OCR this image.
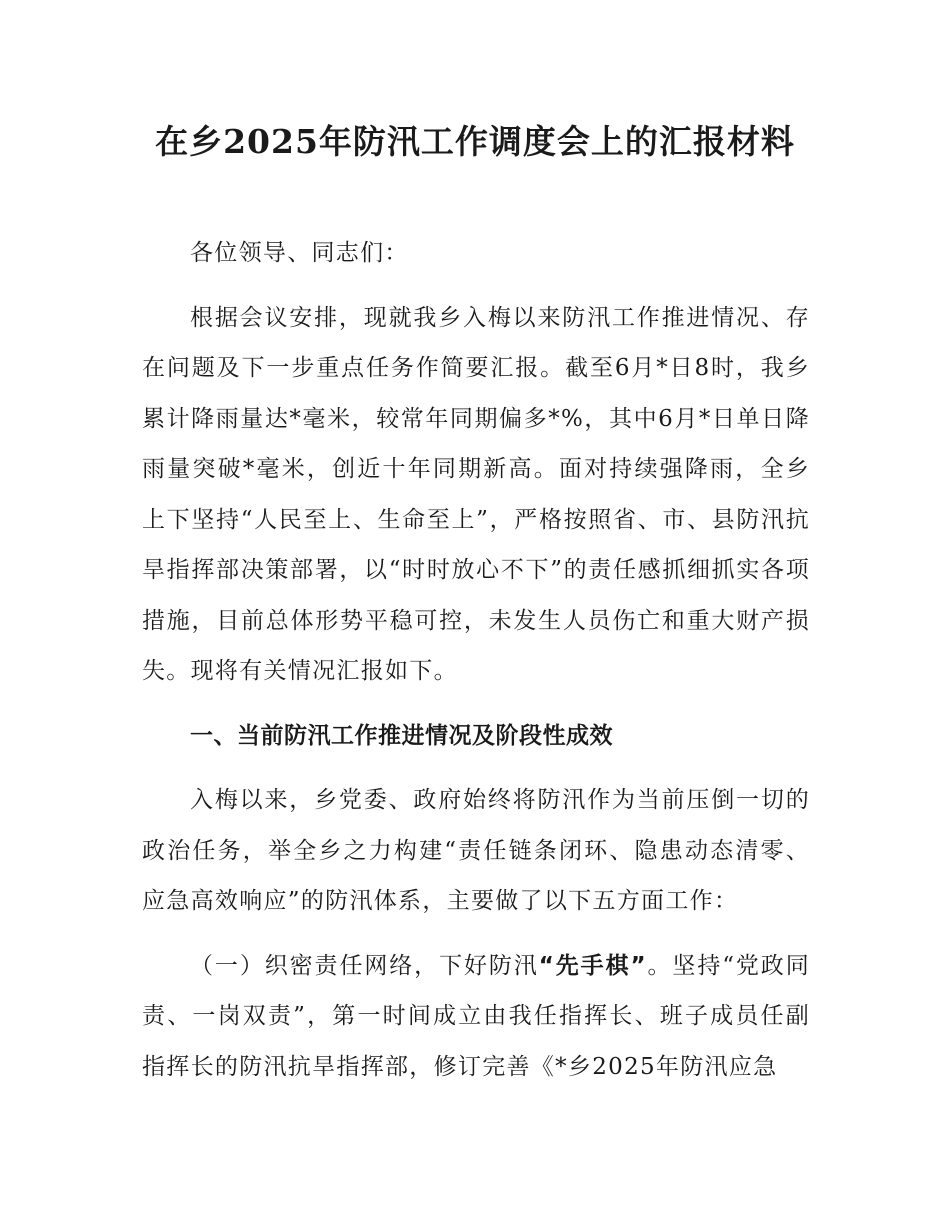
在乡2025年防汛工作调度会上的汇报材料

各位领导、同志们：

根据会议安排，现就我乡入梅以来防汛工作推进情况、存在问题及下一步重点任务作简要汇报。截至6月*日8时，我乡累计降雨量达*毫米，较常年同期偏多*%，其中6月*日单日降雨量突破*毫米，创近十年同期新高。面对持续强降雨，全乡上下坚持“人民至上、生命至上”，严格按照省、市、县防汛抗旱指挥部决策部署，以“时时放心不下”的责任感抓细抓实各项措施，目前总体形势平稳可控，未发生人员伤亡和重大财产损失。现将有关情况汇报如下。

一、当前防汛工作推进情况及阶段性成效

入梅以来，乡党委、政府始终将防汛作为当前压倒一切的政治任务，举全乡之力构建“责任链条闭环、隐患动态清零、应急高效响应”的防汛体系，主要做了以下五方面工作：

（一）织密责任网络，下好防汛“先手棋”。坚持“党政同责、一岗双责”，第一时间成立由我任指挥长、班子成员任副指挥长的防汛抗旱指挥部，修订完善《*乡2025年防汛应急
